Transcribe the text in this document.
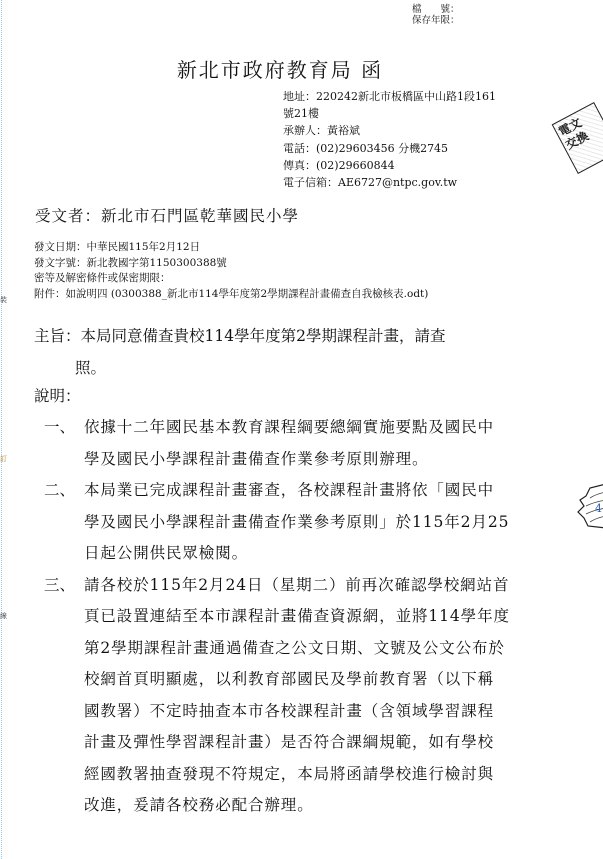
裝
訂
線
檔　　號：
保存年限：
新北市政府教育局 函
地址：220242新北市板橋區中山路1段161
號21樓
承辦人：黃裕斌
電話：(02)29603456 分機2745
傳真：(02)29660844
電子信箱：AE6727@ntpc.gov.tw
電文
交換
4
受文者：新北市石門區乾華國民小學
發文日期：中華民國115年2月12日
發文字號：新北教國字第1150300388號
密等及解密條件或保密期限：
附件：如說明四 (0300388_新北市114學年度第2學期課程計畫備查自我檢核表.odt)
主旨：本局同意備查貴校114學年度第2學期課程計畫，請查
照。
說明：
一、 依據十二年國民基本教育課程綱要總綱實施要點及國民中
學及國民小學課程計畫備查作業參考原則辦理。
二、 本局業已完成課程計畫審查，各校課程計畫將依「國民中
學及國民小學課程計畫備查作業參考原則」於115年2月25
日起公開供民眾檢閱。
三、 請各校於115年2月24日（星期二）前再次確認學校網站首
頁已設置連結至本市課程計畫備查資源網，並將114學年度
第2學期課程計畫通過備查之公文日期、文號及公文公布於
校網首頁明顯處，以利教育部國民及學前教育署（以下稱
國教署）不定時抽查本市各校課程計畫（含領域學習課程
計畫及彈性學習課程計畫）是否符合課綱規範，如有學校
經國教署抽查發現不符規定，本局將函請學校進行檢討與
改進，爰請各校務必配合辦理。
